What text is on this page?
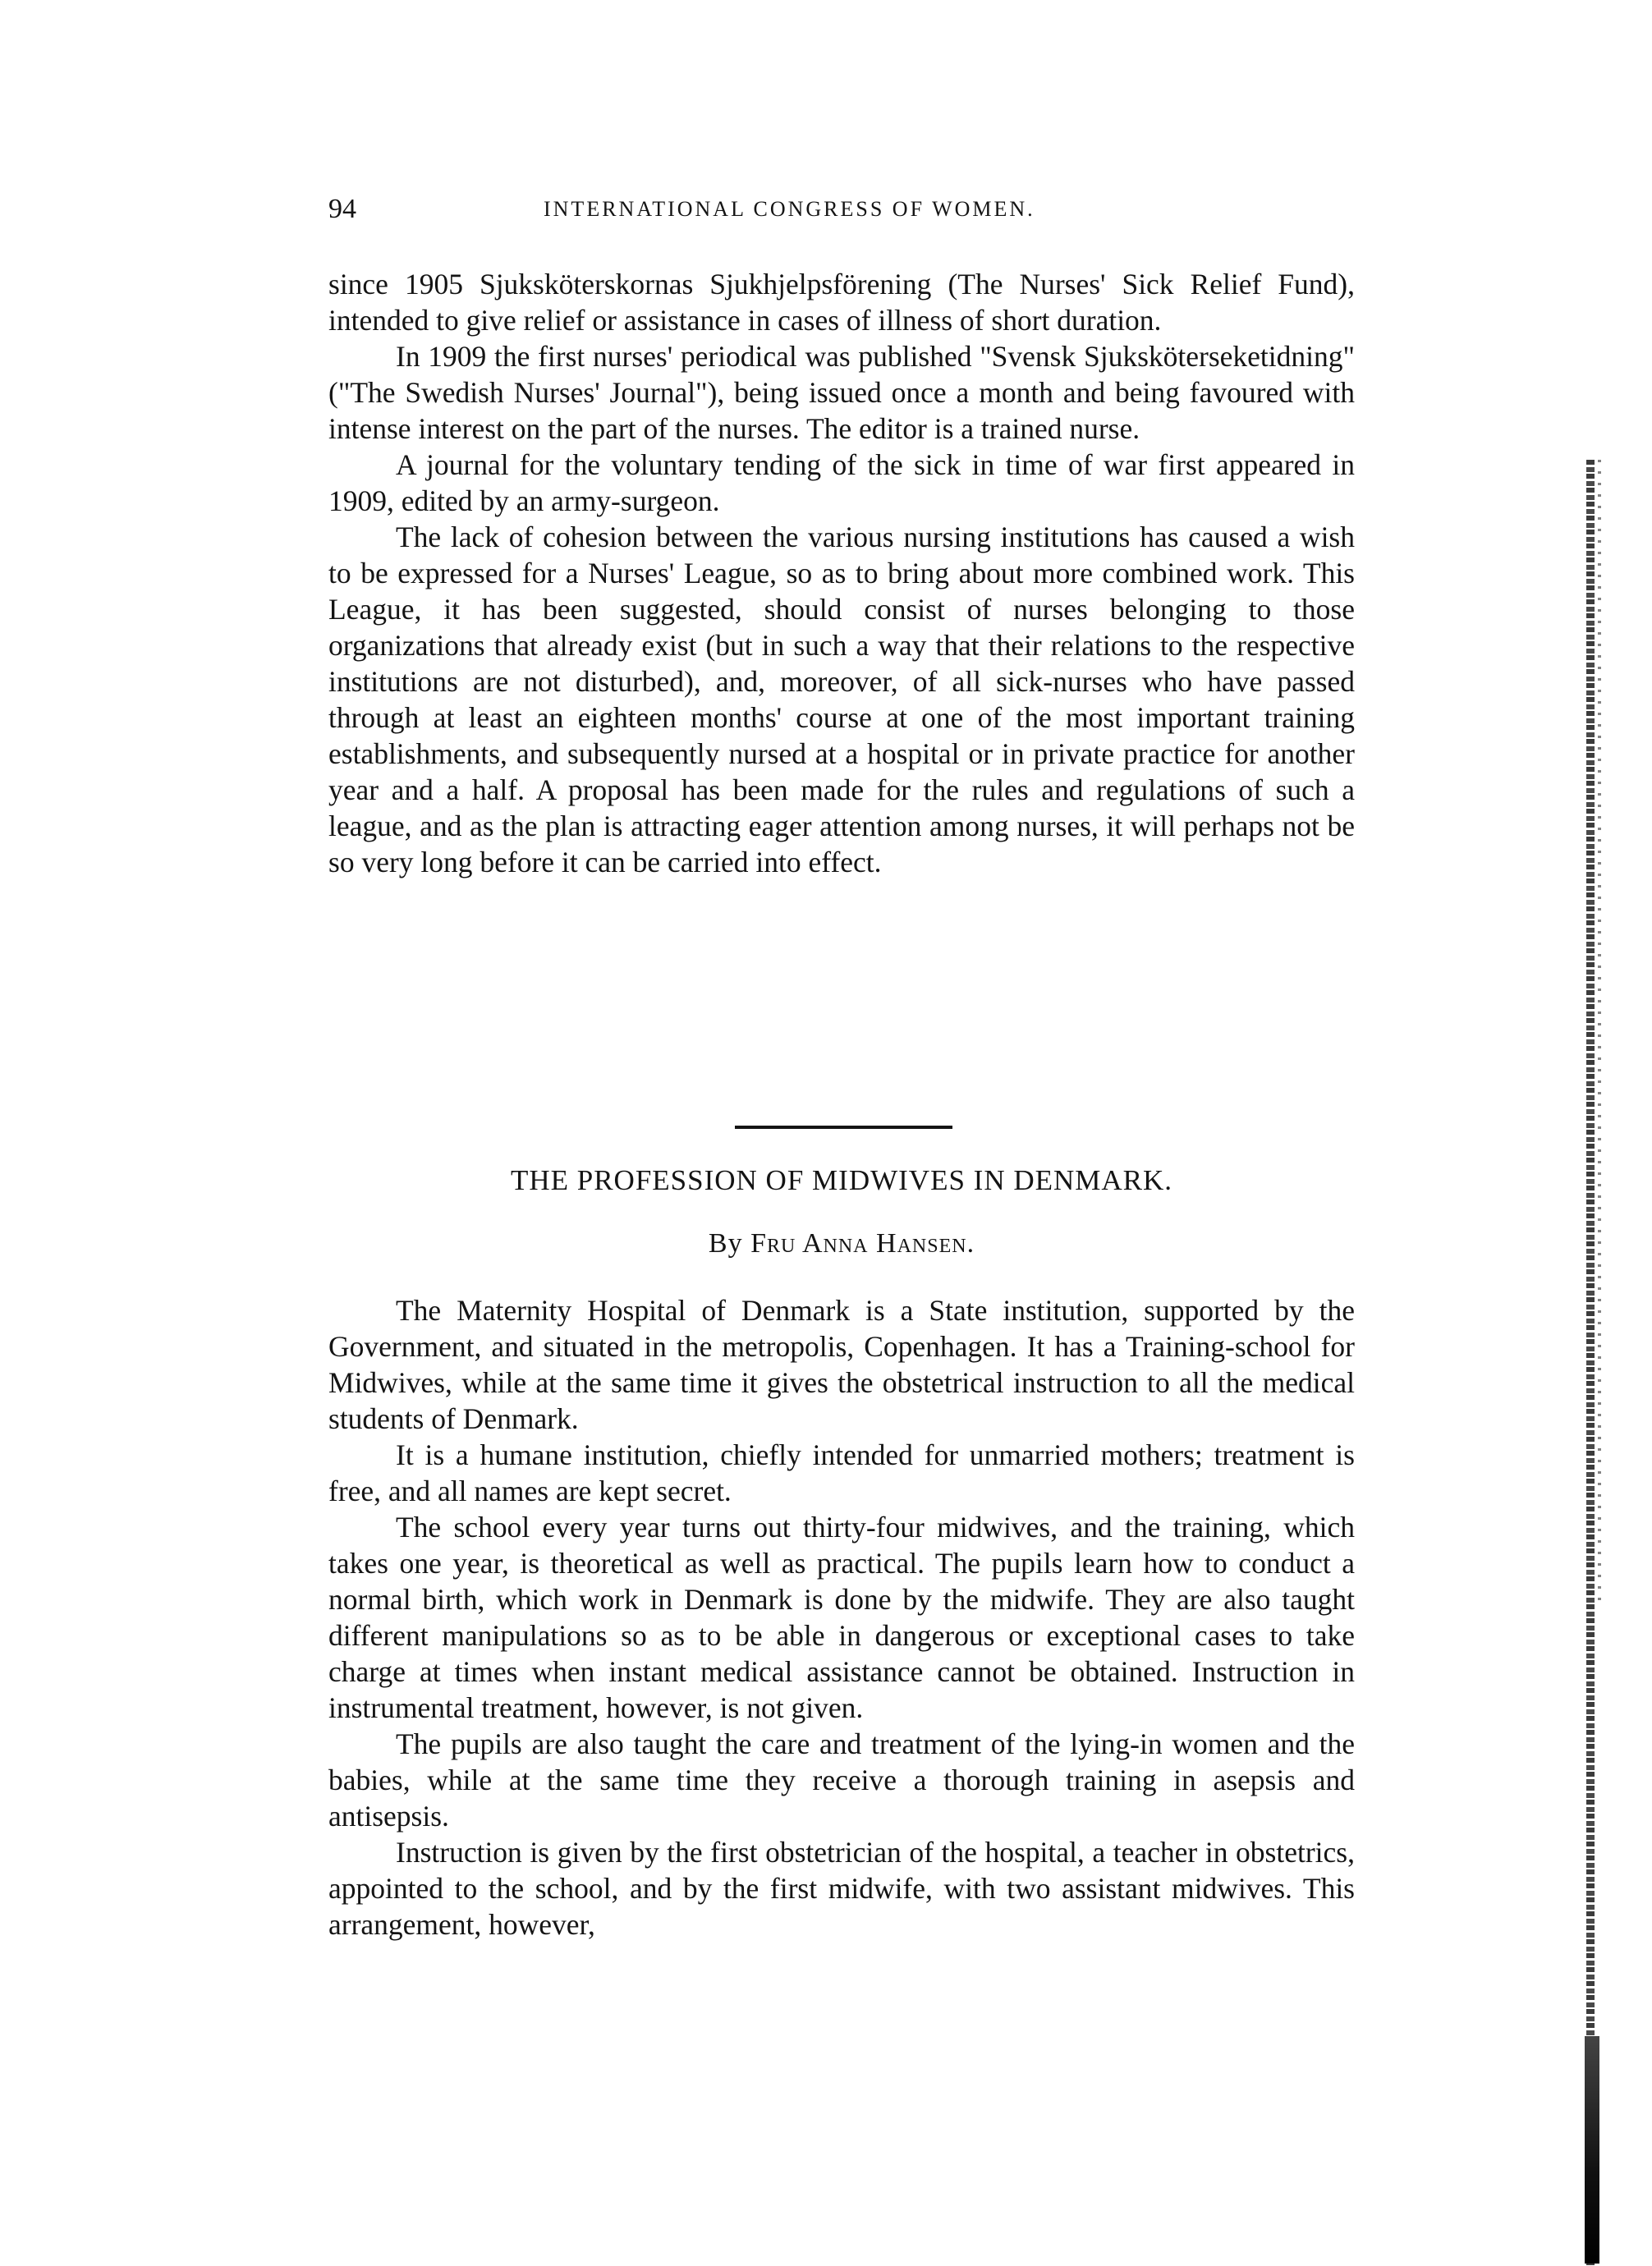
94	INTERNATIONAL CONGRESS OF WOMEN.

since 1905 Sjuksköterskornas Sjukhjelpsförening (The Nurses' Sick Relief Fund), intended to give relief or assistance in cases of illness of short duration.

In 1909 the first nurses' periodical was published "Svensk Sjuksköterseketidning" ("The Swedish Nurses' Journal"), being issued once a month and being favoured with intense interest on the part of the nurses. The editor is a trained nurse.

A journal for the voluntary tending of the sick in time of war first appeared in 1909, edited by an army-surgeon.

The lack of cohesion between the various nursing institutions has caused a wish to be expressed for a Nurses' League, so as to bring about more combined work. This League, it has been suggested, should consist of nurses belonging to those organizations that already exist (but in such a way that their relations to the respective institutions are not disturbed), and, moreover, of all sick-nurses who have passed through at least an eighteen months' course at one of the most important training establishments, and subsequently nursed at a hospital or in private practice for another year and a half. A proposal has been made for the rules and regulations of such a league, and as the plan is attracting eager attention among nurses, it will perhaps not be so very long before it can be carried into effect.

THE PROFESSION OF MIDWIVES IN DENMARK.
By Fru Anna Hansen.

The Maternity Hospital of Denmark is a State institution, supported by the Government, and situated in the metropolis, Copenhagen. It has a Training-school for Midwives, while at the same time it gives the obstetrical instruction to all the medical students of Denmark.

It is a humane institution, chiefly intended for unmarried mothers; treatment is free, and all names are kept secret.

The school every year turns out thirty-four midwives, and the training, which takes one year, is theoretical as well as practical. The pupils learn how to conduct a normal birth, which work in Denmark is done by the midwife. They are also taught different manipulations so as to be able in dangerous or exceptional cases to take charge at times when instant medical assistance cannot be obtained. Instruction in instrumental treatment, however, is not given.

The pupils are also taught the care and treatment of the lying-in women and the babies, while at the same time they receive a thorough training in asepsis and antisepsis.

Instruction is given by the first obstetrician of the hospital, a teacher in obstetrics, appointed to the school, and by the first midwife, with two assistant midwives. This arrangement, however,
